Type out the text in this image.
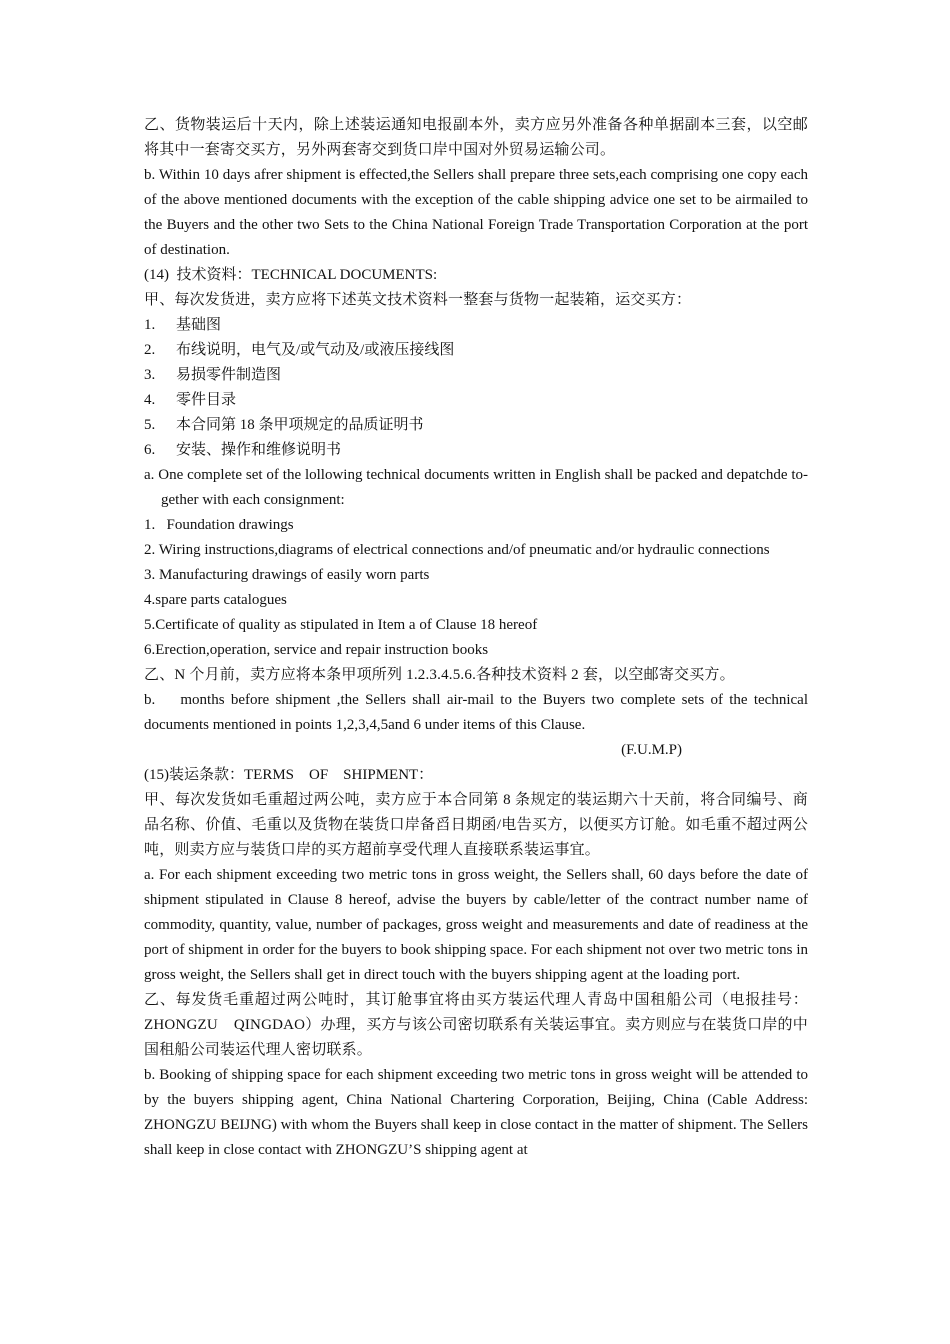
乙、货物装运后十天内，除上述装运通知电报副本外，卖方应另外准备各种单据副本三套，以空邮将其中一套寄交买方，另外两套寄交到货口岸中国对外贸易运输公司。

b. Within 10 days afrer shipment is effected,the Sellers shall prepare three sets,each comprising one copy each of the above mentioned documents with the exception of the cable shipping advice one set to be airmailed to the Buyers and the other two Sets to the China National Foreign Trade Transportation Corporation at the port of destination.

(14)  技术资料：TECHNICAL DOCUMENTS:

甲、每次发货进，卖方应将下述英文技术资料一整套与货物一起装箱，运交买方：

1. 基础图

2. 布线说明，电气及/或气动及/或液压接线图

3. 易损零件制造图

4. 零件目录

5. 本合同第 18 条甲项规定的品质证明书

6. 安装、操作和维修说明书

a. One complete set of the lollowing technical documents written in English shall be packed and depatchde to-gether with each consignment:

1.   Foundation drawings

2. Wiring instructions,diagrams of electrical connections and/of pneumatic and/or hydraulic connections

3. Manufacturing drawings of easily worn parts

4.spare parts catalogues

5.Certificate of quality as stipulated in Item a of Clause 18 hereof

6.Erection,operation, service and repair instruction books

乙、N 个月前，卖方应将本条甲项所列 1.2.3.4.5.6.各种技术资料 2 套，以空邮寄交买方。

b.    months before shipment ,the Sellers shall air-mail to the Buyers two complete sets of the technical documents mentioned in points 1,2,3,4,5and 6 under items of this Clause.

(F.U.M.P)

(15)装运条款：TERMS    OF    SHIPMENT：

甲、每次发货如毛重超过两公吨，卖方应于本合同第 8 条规定的装运期六十天前，将合同编号、商品名称、价值、毛重以及货物在装货口岸备舀日期函/电告买方，以便买方订舱。如毛重不超过两公吨，则卖方应与装货口岸的买方超前享受代理人直接联系装运事宜。

a. For each shipment exceeding two metric tons in gross weight, the Sellers shall, 60 days before the date of shipment stipulated in Clause 8 hereof, advise the buyers by cable/letter of the contract number name of commodity, quantity, value, number of packages, gross weight and measurements and date of readiness at the port of shipment in order for the buyers to book shipping space. For each shipment not over two metric tons in gross weight, the Sellers shall get in direct touch with the buyers shipping agent at the loading port.

乙、每发货毛重超过两公吨时，其订舱事宜将由买方装运代理人青岛中国租船公司（电报挂号：ZHONGZU    QINGDAO）办理，买方与该公司密切联系有关装运事宜。卖方则应与在装货口岸的中国租船公司装运代理人密切联系。

b. Booking of shipping space for each shipment exceeding two metric tons in gross weight will be attended to by the buyers shipping agent, China National Chartering Corporation, Beijing, China (Cable Address: ZHONGZU BEIJNG) with whom the Buyers shall keep in close contact in the matter of shipment. The Sellers shall keep in close contact with ZHONGZU’S shipping agent at
